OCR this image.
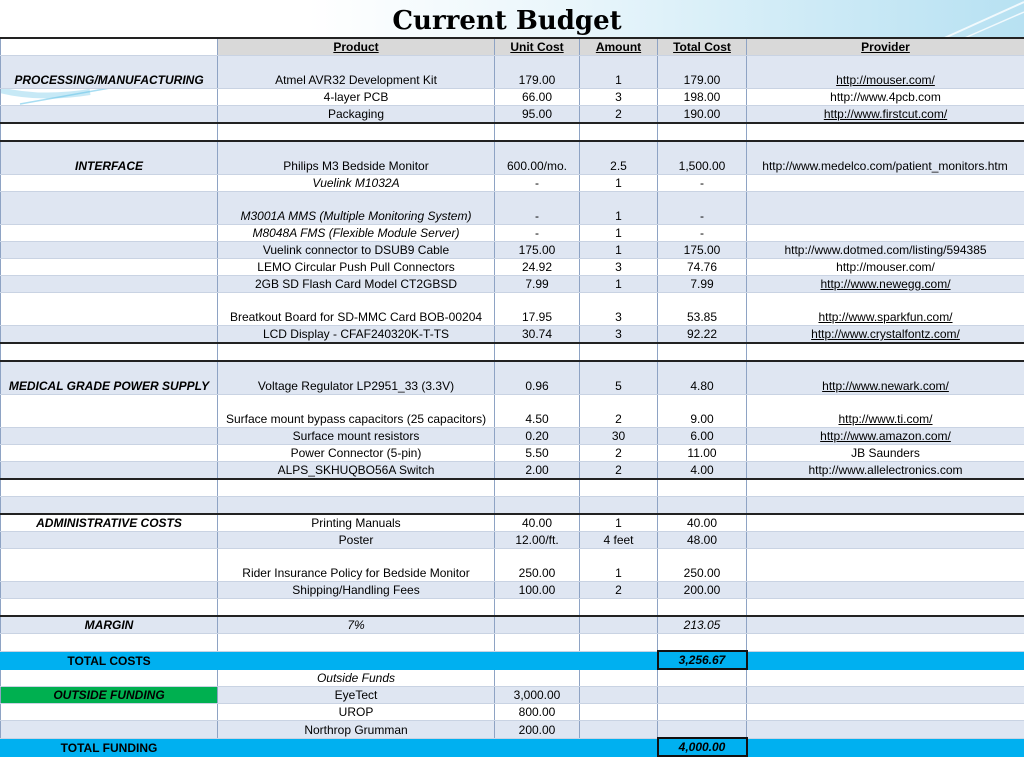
Current Budget
	Product	Unit Cost	Amount	Total Cost	Provider
PROCESSING/MANUFACTURING	Atmel AVR32 Development Kit	179.00	1	179.00	http://mouser.com/
	4-layer PCB	66.00	3	198.00	http://www.4pcb.com
	Packaging	95.00	2	190.00	http://www.firstcut.com/

INTERFACE	Philips M3 Bedside Monitor	600.00/mo.	2.5	1,500.00	http://www.medelco.com/patient_monitors.htm
	Vuelink M1032A	-	1	-	
	M3001A MMS (Multiple Monitoring System)	-	1	-	
	M8048A FMS (Flexible Module Server)	-	1	-	
	Vuelink connector to DSUB9 Cable	175.00	1	175.00	http://www.dotmed.com/listing/594385
	LEMO Circular Push Pull Connectors	24.92	3	74.76	http://mouser.com/
	2GB SD Flash Card Model CT2GBSD	7.99	1	7.99	http://www.newegg.com/
	Breatkout Board for SD-MMC Card BOB-00204	17.95	3	53.85	http://www.sparkfun.com/
	LCD Display - CFAF240320K-T-TS	30.74	3	92.22	http://www.crystalfontz.com/

MEDICAL GRADE POWER SUPPLY	Voltage Regulator LP2951_33 (3.3V)	0.96	5	4.80	http://www.newark.com/
	Surface mount bypass capacitors (25 capacitors)	4.50	2	9.00	http://www.ti.com/
	Surface mount resistors	0.20	30	6.00	http://www.amazon.com/
	Power Connector (5-pin)	5.50	2	11.00	JB Saunders
	ALPS_SKHUQBO56A Switch	2.00	2	4.00	http://www.allelectronics.com

ADMINISTRATIVE COSTS	Printing Manuals	40.00	1	40.00	
	Poster	12.00/ft.	4 feet	48.00	
	Rider Insurance Policy for Bedside Monitor	250.00	1	250.00	
	Shipping/Handling Fees	100.00	2	200.00	

MARGIN	7%			213.05	

TOTAL COSTS				3,256.67	
	Outside Funds				
OUTSIDE FUNDING	EyeTect	3,000.00			
	UROP	800.00			
	Northrop Grumman	200.00			
TOTAL FUNDING				4,000.00	
